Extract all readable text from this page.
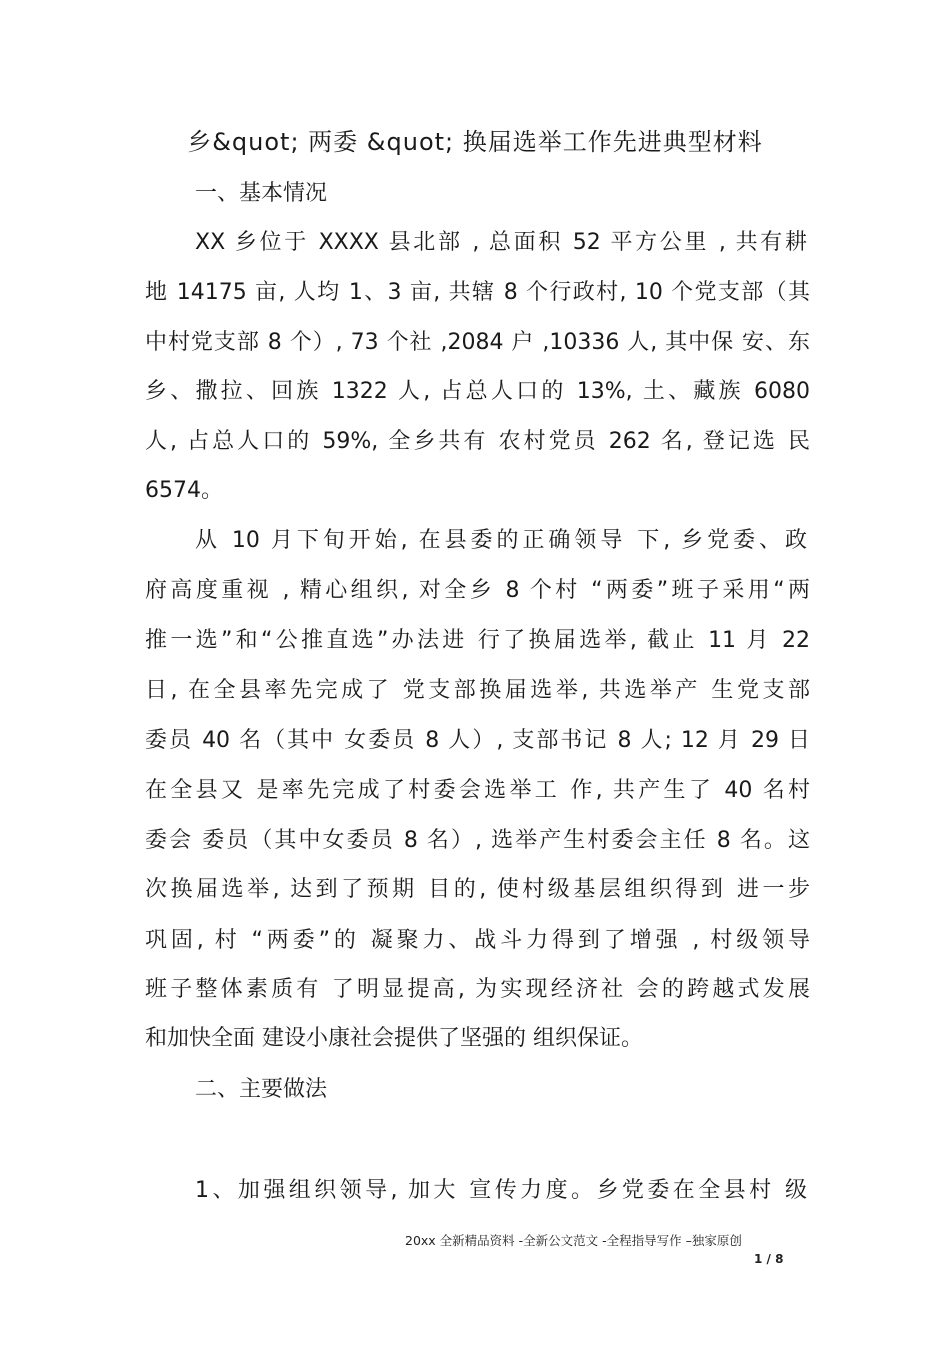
乡&quot; 两委 &quot; 换届选举工作先进典型材料
一、基本情况
XX 乡位于 XXXX 县北部 , 总面积 52 平方公里 , 共有耕
地 14175 亩, 人均 1、3 亩, 共辖 8 个行政村, 10 个党支部（其
中村党支部 8 个）, 73 个社 ,2084 户 ,10336 人, 其中保 安、东
乡、撒拉、回族 1322 人, 占总人口的 13%, 土、藏族 6080
人, 占总人口的 59%, 全乡共有 农村党员 262 名, 登记选 民
6574。
从 10 月下旬开始, 在县委的正确领导 下, 乡党委、政
府高度重视 , 精心组织, 对全乡 8 个村 “两委”班子采用“两
推一选”和“公推直选”办法进 行了换届选举, 截止 11 月 22
日, 在全县率先完成了 党支部换届选举, 共选举产 生党支部
委员 40 名（其中 女委员 8 人）, 支部书记 8 人; 12 月 29 日
在全县又 是率先完成了村委会选举工 作, 共产生了 40 名村
委会 委员（其中女委员 8 名）, 选举产生村委会主任 8 名。这
次换届选举, 达到了预期 目的, 使村级基层组织得到 进一步
巩固, 村 “两委”的 凝聚力、战斗力得到了增强 , 村级领导
班子整体素质有 了明显提高, 为实现经济社 会的跨越式发展
和加快全面 建设小康社会提供了坚强的 组织保证。
二、主要做法
1、加强组织领导, 加大 宣传力度。乡党委在全县村 级
20xx 全新精品资料 -全新公文范文 -全程指导写作 –独家原创
1 / 8
